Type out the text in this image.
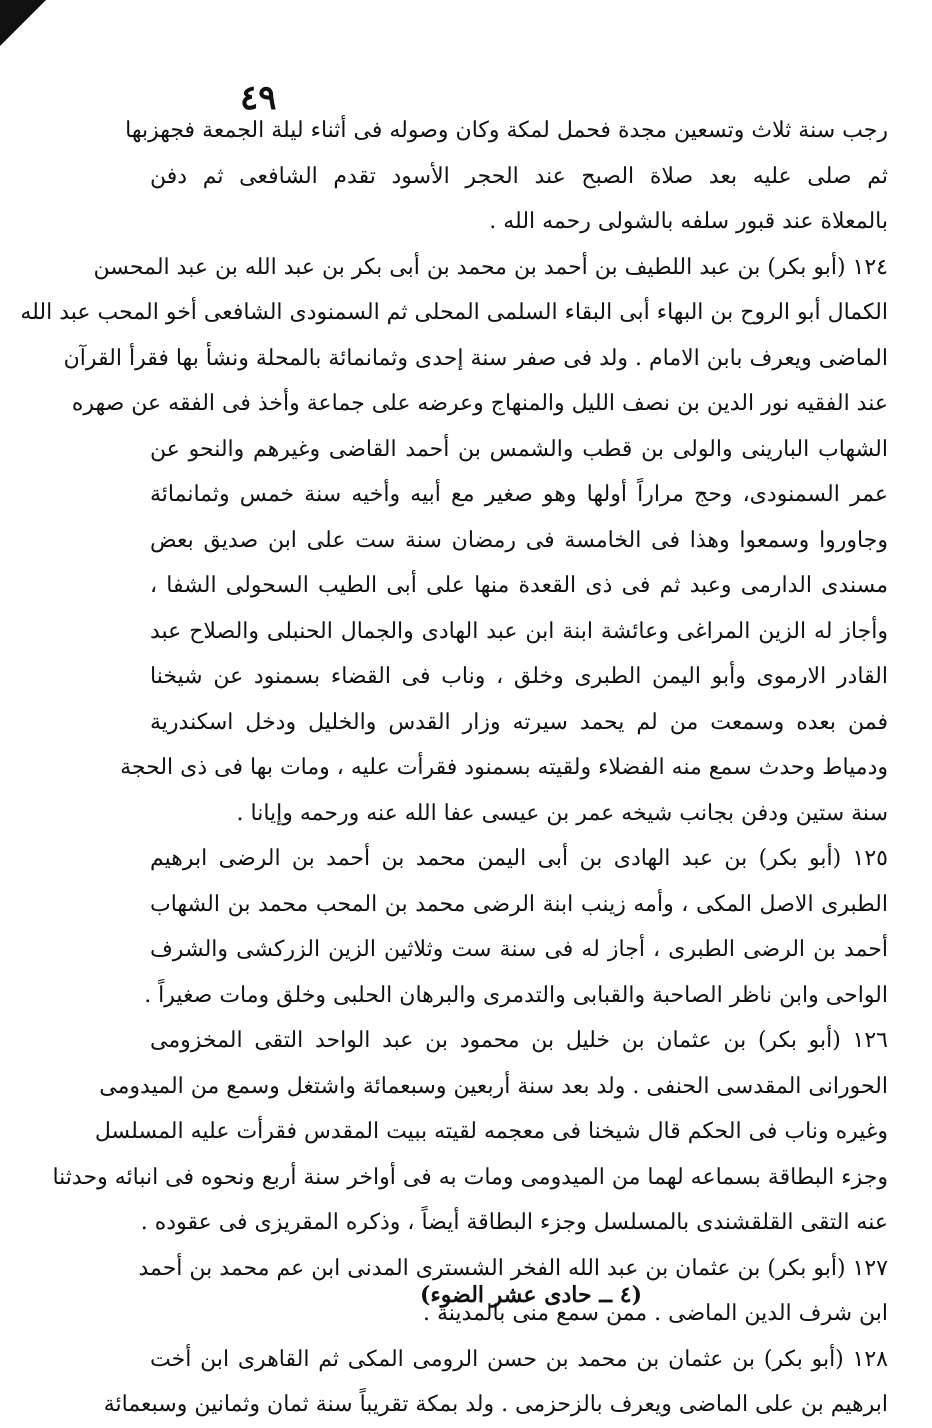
٤٩
رجب سنة ثلاث وتسعين مجدة فحمل لمكة وكان وصوله فى أثناء ليلة الجمعة فجهزبها
ثم صلى عليه بعد صلاة الصبح عند الحجر الأسود تقدم الشافعى ثم دفن
بالمعلاة عند قبور سلفه بالشولى رحمه الله .
١٢٤ (أبو بكر) بن عبد اللطيف بن أحمد بن محمد بن أبى بكر بن عبد الله بن عبد المحسن
الكمال أبو الروح بن البهاء أبى البقاء السلمى المحلى ثم السمنودى الشافعى أخو المحب عبد الله
الماضى ويعرف بابن الامام . ولد فى صفر سنة إحدى وثمانمائة بالمحلة ونشأ بها فقرأ القرآن
عند الفقيه نور الدين بن نصف الليل والمنهاج وعرضه على جماعة وأخذ فى الفقه عن صهره
الشهاب البارينى والولى بن قطب والشمس بن أحمد القاضى وغيرهم والنحو عن
عمر السمنودى، وحج مراراً أولها وهو صغير مع أبيه وأخيه سنة خمس وثمانمائة
وجاوروا وسمعوا وهذا فى الخامسة فى رمضان سنة ست على ابن صديق بعض
مسندى الدارمى وعبد ثم فى ذى القعدة منها على أبى الطيب السحولى الشفا ،
وأجاز له الزين المراغى وعائشة ابنة ابن عبد الهادى والجمال الحنبلى والصلاح عبد
القادر الارموى وأبو اليمن الطبرى وخلق ، وناب فى القضاء بسمنود عن شيخنا
فمن بعده وسمعت من لم يحمد سيرته وزار القدس والخليل ودخل اسكندرية
ودمياط وحدث سمع منه الفضلاء ولقيته بسمنود فقرأت عليه ، ومات بها فى ذى الحجة
سنة ستين ودفن بجانب شيخه عمر بن عيسى عفا الله عنه ورحمه وإيانا .
١٢٥ (أبو بكر) بن عبد الهادى بن أبى اليمن محمد بن أحمد بن الرضى ابرهيم
الطبرى الاصل المكى ، وأمه زينب ابنة الرضى محمد بن المحب محمد بن الشهاب
أحمد بن الرضى الطبرى ، أجاز له فى سنة ست وثلاثين الزين الزركشى والشرف
الواحى وابن ناظر الصاحبة والقبابى والتدمرى والبرهان الحلبى وخلق ومات صغيراً .
١٢٦ (أبو بكر) بن عثمان بن خليل بن محمود بن عبد الواحد التقى المخزومى
الحورانى المقدسى الحنفى . ولد بعد سنة أربعين وسبعمائة واشتغل وسمع من الميدومى
وغيره وناب فى الحكم قال شيخنا فى معجمه لقيته ببيت المقدس فقرأت عليه المسلسل
وجزء البطاقة بسماعه لهما من الميدومى ومات به فى أواخر سنة أربع ونحوه فى انبائه وحدثنا
عنه التقى القلقشندى بالمسلسل وجزء البطاقة أيضاً ، وذكره المقريزى فى عقوده .
١٢٧ (أبو بكر) بن عثمان بن عبد الله الفخر الشسترى المدنى ابن عم محمد بن أحمد
ابن شرف الدين الماضى . ممن سمع منى بالمدينة .
١٢٨ (أبو بكر) بن عثمان بن محمد بن حسن الرومى المكى ثم القاهرى ابن أخت
ابرهيم بن على الماضى ويعرف بالزحزمى . ولد بمكة تقريباً سنة ثمان وثمانين وسبعمائة
(٤ ــ حادى عشر الضوء)
